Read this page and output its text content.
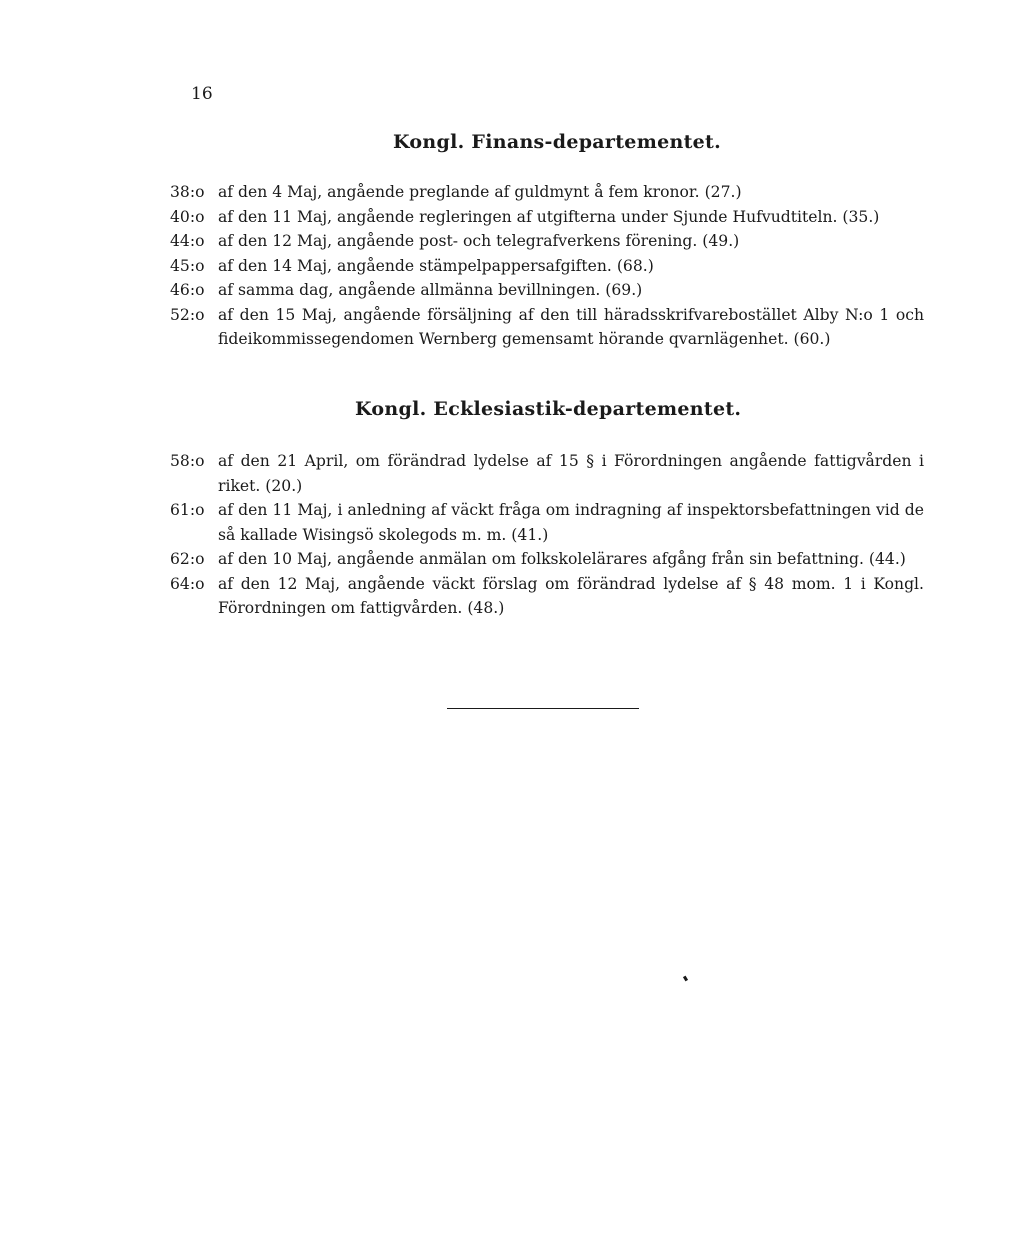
16
Kongl. Finans-departementet.
38:o af den 4 Maj, angående preglande af guldmynt å fem kronor. (27.)
40:o af den 11 Maj, angående regleringen af utgifterna under Sjunde Hufvudtiteln. (35.)
44:o af den 12 Maj, angående post- och telegrafverkens förening. (49.)
45:o af den 14 Maj, angående stämpelpappersafgiften. (68.)
46:o af samma dag, angående allmänna bevillningen. (69.)
52:o af den 15 Maj, angående försäljning af den till häradsskrifvarebostället Alby N:o 1 och fideikommissegendomen Wernberg gemensamt hörande qvarnlägenhet. (60.)
Kongl. Ecklesiastik-departementet.
58:o af den 21 April, om förändrad lydelse af 15 § i Förordningen angående fattigvården i riket. (20.)
61:o af den 11 Maj, i anledning af väckt fråga om indragning af inspektorsbefattningen vid de så kallade Wisingsö skolegods m. m. (41.)
62:o af den 10 Maj, angående anmälan om folkskolelärares afgång från sin befattning. (44.)
64:o af den 12 Maj, angående väckt förslag om förändrad lydelse af § 48 mom. 1 i Kongl. Förordningen om fattigvården. (48.)
